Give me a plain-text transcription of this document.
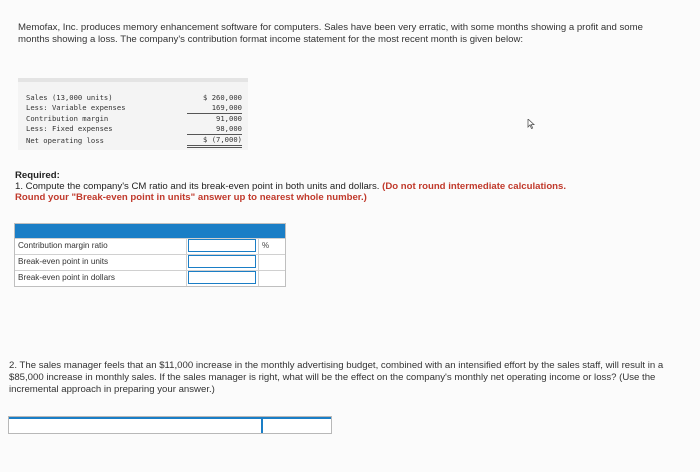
Memofax, Inc. produces memory enhancement software for computers. Sales have been very erratic, with some months showing a profit and some months showing a loss. The company's contribution format income statement for the most recent month is given below:
Sales (13,000 units)	$ 260,000
Less: Variable expenses	169,000
Contribution margin	91,000
Less: Fixed expenses	98,000
Net operating loss	$ (7,000)
Required:
1. Compute the company's CM ratio and its break-even point in both units and dollars. (Do not round intermediate calculations.
Round your "Break-even point in units" answer up to nearest whole number.)
Contribution margin ratio	%
Break-even point in units
Break-even point in dollars
2. The sales manager feels that an $11,000 increase in the monthly advertising budget, combined with an intensified effort by the sales staff, will result in a $85,000 increase in monthly sales. If the sales manager is right, what will be the effect on the company's monthly net operating income or loss? (Use the incremental approach in preparing your answer.)
